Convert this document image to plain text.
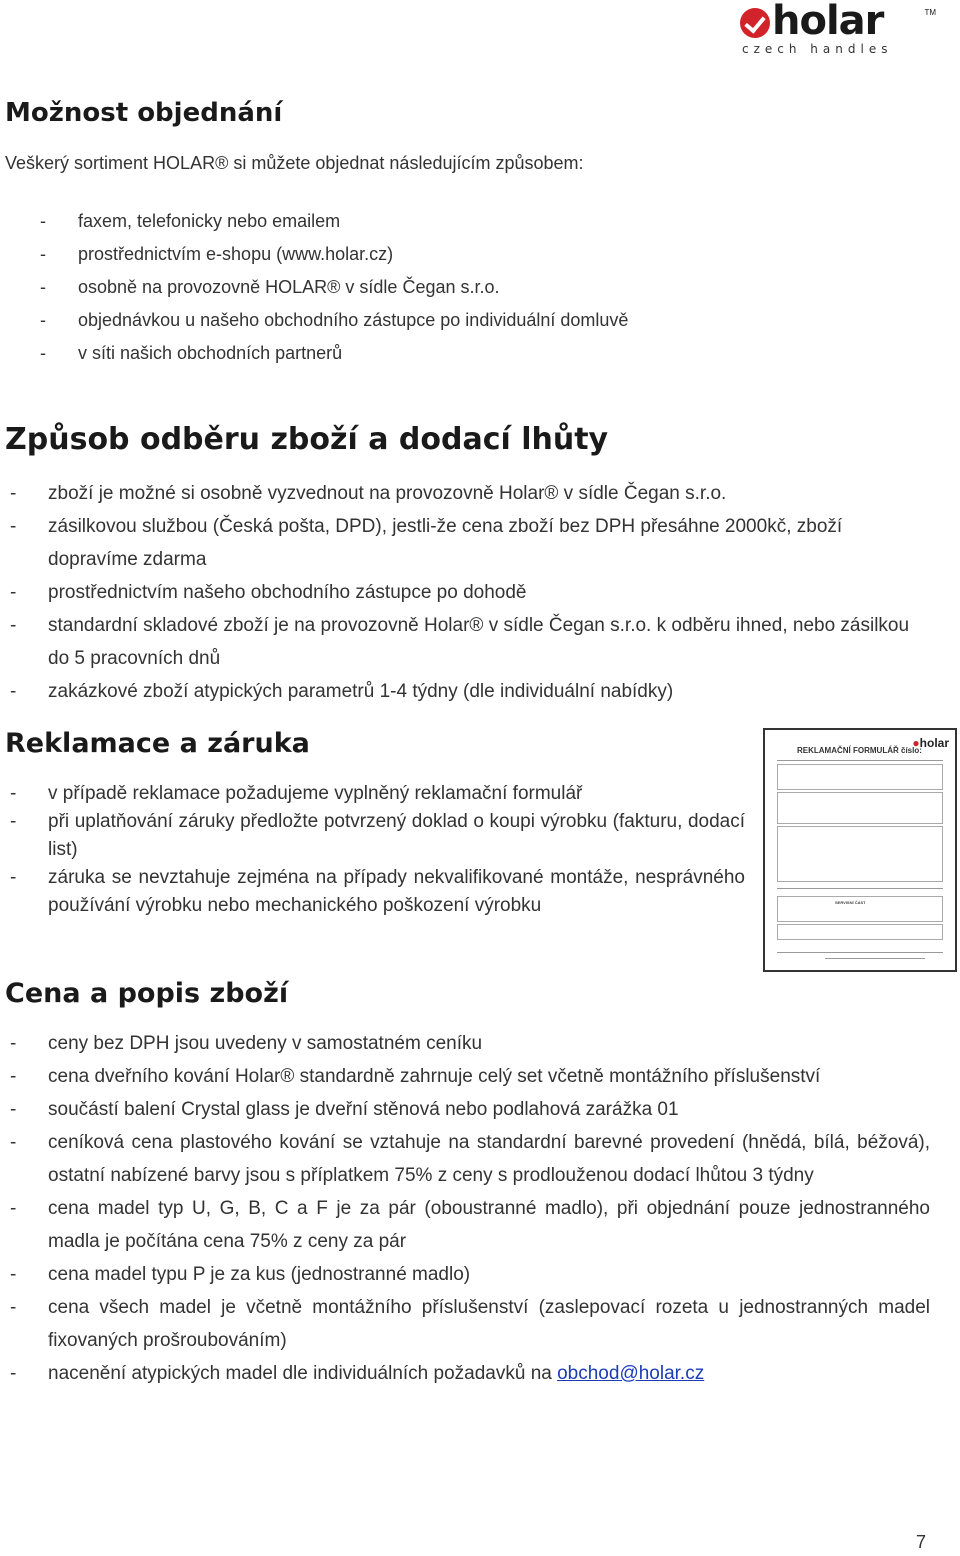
holar	TM
czech handles
Možnost objednání

Veškerý sortiment HOLAR® si můžete objednat následujícím způsobem:

- faxem, telefonicky nebo emailem
- prostřednictvím e-shopu (www.holar.cz)
- osobně na provozovně HOLAR® v sídle Čegan s.r.o.
- objednávkou u našeho obchodního zástupce po individuální domluvě
- v síti našich obchodních partnerů
Způsob odběru zboží a dodací lhůty
- zboží je možné si osobně vyzvednout na provozovně Holar® v sídle Čegan s.r.o.
- zásilkovou službou (Česká pošta, DPD), jestli-že cena zboží bez DPH přesáhne 2000kč, zboží dopravíme zdarma
- prostřednictvím našeho obchodního zástupce po dohodě
- standardní skladové zboží je na provozovně Holar® v sídle Čegan s.r.o. k odběru ihned, nebo zásilkou do 5 pracovních dnů
- zakázkové zboží atypických parametrů 1-4 týdny (dle individuální nabídky)
Reklamace a záruka
- v případě reklamace požadujeme vyplněný reklamační formulář
- při uplatňování záruky předložte potvrzený doklad o koupi výrobku (fakturu, dodací list)
- záruka se nevztahuje zejména na případy nekvalifikované montáže, nesprávného používání výrobku nebo mechanického poškození výrobku
REKLAMAČNÍ FORMULÁŘ číslo:
●holar
SERVISNÍ ČÁST
Cena a popis zboží
- ceny bez DPH jsou uvedeny v samostatném ceníku
- cena dveřního kování Holar® standardně zahrnuje celý set včetně montážního příslušenství
- součástí balení Crystal glass je dveřní stěnová nebo podlahová zarážka 01
- ceníková cena plastového kování se vztahuje na standardní barevné provedení (hnědá, bílá, béžová), ostatní nabízené barvy jsou s příplatkem 75% z ceny s prodlouženou dodací lhůtou 3 týdny
- cena madel typ U, G, B, C a F je za pár (oboustranné madlo), při objednání pouze jednostranného madla je počítána cena 75% z ceny za pár
- cena madel typu P je za kus (jednostranné madlo)
- cena všech madel je včetně montážního příslušenství (zaslepovací rozeta u jednostranných madel fixovaných prošroubováním)
- nacenění atypických madel dle individuálních požadavků na obchod@holar.cz
7
